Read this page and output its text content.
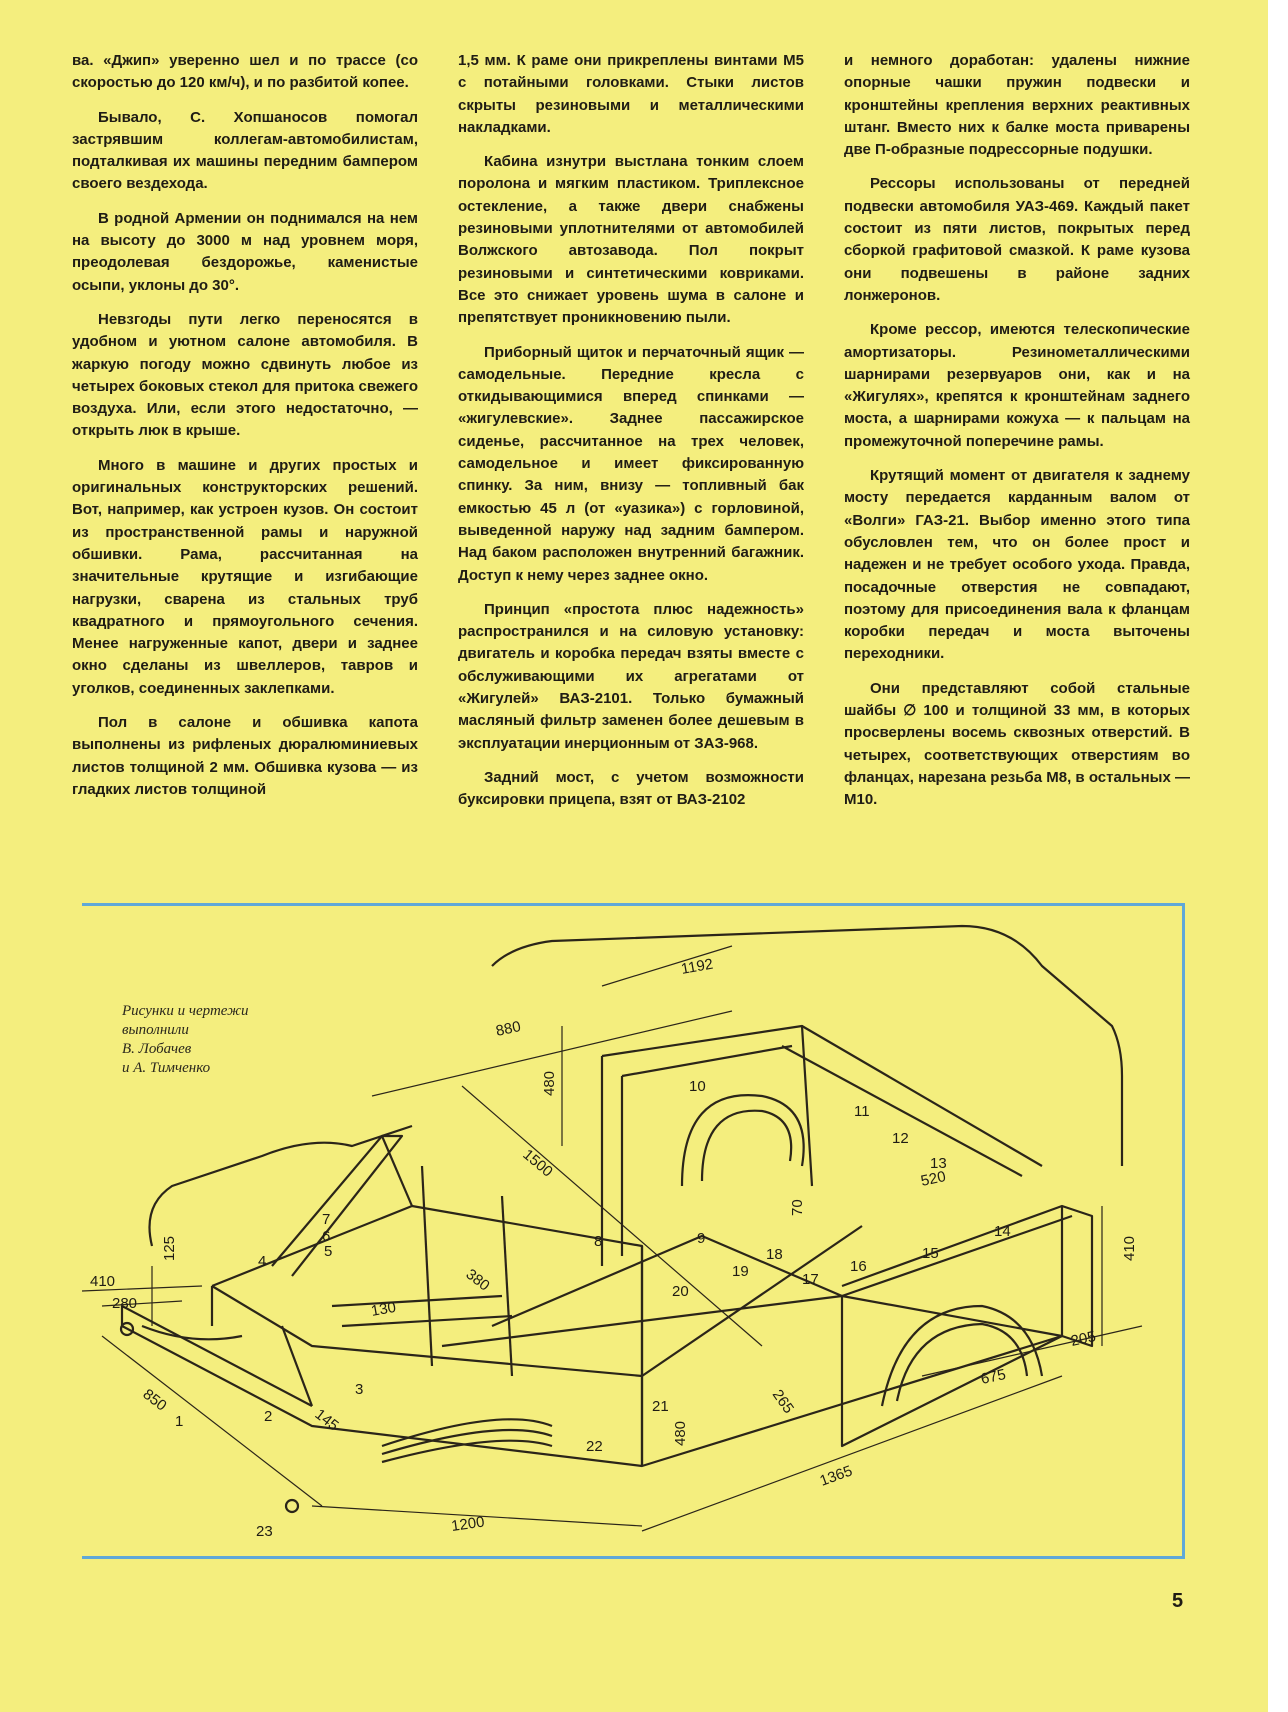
ва. «Джип» уверенно шел и по трассе (со скоростью до 120 км/ч), и по разбитой копее.

Бывало, С. Хопшаносов помогал застрявшим коллегам-автомобилистам, подталкивая их машины передним бампером своего вездехода.

В родной Армении он поднимался на нем на высоту до 3000 м над уровнем моря, преодолевая бездорожье, каменистые осыпи, уклоны до 30°.

Невзгоды пути легко переносятся в удобном и уютном салоне автомобиля. В жаркую погоду можно сдвинуть любое из четырех боковых стекол для притока свежего воздуха. Или, если этого недостаточно, — открыть люк в крыше.

Много в машине и других простых и оригинальных конструкторских решений. Вот, например, как устроен кузов. Он состоит из пространственной рамы и наружной обшивки. Рама, рассчитанная на значительные крутящие и изгибающие нагрузки, сварена из стальных труб квадратного и прямоугольного сечения. Менее нагруженные капот, двери и заднее окно сделаны из швеллеров, тавров и уголков, соединенных заклепками.

Пол в салоне и обшивка капота выполнены из рифленых дюралюминиевых листов толщиной 2 мм. Обшивка кузова — из гладких листов толщиной

1,5 мм. К раме они прикреплены винтами М5 с потайными головками. Стыки листов скрыты резиновыми и металлическими накладками.

Кабина изнутри выстлана тонким слоем поролона и мягким пластиком. Триплексное остекление, а также двери снабжены резиновыми уплотнителями от автомобилей Волжского автозавода. Пол покрыт резиновыми и синтетическими ковриками. Все это снижает уровень шума в салоне и препятствует проникновению пыли.

Приборный щиток и перчаточный ящик — самодельные. Передние кресла с откидывающимися вперед спинками — «жигулевские». Заднее пассажирское сиденье, рассчитанное на трех человек, самодельное и имеет фиксированную спинку. За ним, внизу — топливный бак емкостью 45 л (от «уазика») с горловиной, выведенной наружу над задним бампером. Над баком расположен внутренний багажник. Доступ к нему через заднее окно.

Принцип «простота плюс надежность» распространился и на силовую установку: двигатель и коробка передач взяты вместе с обслуживающими их агрегатами от «Жигулей» ВАЗ-2101. Только бумажный масляный фильтр заменен более дешевым в эксплуатации инерционным от ЗАЗ-968.

Задний мост, с учетом возможности буксировки прицепа, взят от ВАЗ-2102

и немного доработан: удалены нижние опорные чашки пружин подвески и кронштейны крепления верхних реактивных штанг. Вместо них к балке моста приварены две П-образные подрессорные подушки.

Рессоры использованы от передней подвески автомобиля УАЗ-469. Каждый пакет состоит из пяти листов, покрытых перед сборкой графитовой смазкой. К раме кузова они подвешены в районе задних лонжеронов.

Кроме рессор, имеются телескопические амортизаторы. Резинометаллическими шарнирами резервуаров они, как и на «Жигулях», крепятся к кронштейнам заднего моста, а шарнирами кожуха — к пальцам на промежуточной поперечине рамы.

Крутящий момент от двигателя к заднему мосту передается карданным валом от «Волги» ГАЗ-21. Выбор именно этого типа обусловлен тем, что он более прост и надежен и не требует особого ухода. Правда, посадочные отверстия не совпадают, поэтому для присоединения вала к фланцам коробки передач и моста выточены переходники.

Они представляют собой стальные шайбы ∅ 100 и толщиной 33 мм, в которых просверлены восемь сквозных отверстий. В четырех, соответствующих отверстиям во фланцах, нарезана резьба М8, в остальных — М10.

Рисунки и чертежи
выполнили
В. Лобачев
и А. Тимченко
1192
880
480
1500
70
520
410
125
410
280
380
130
850
145
1200
480
1365
265
675
205
1	2
3
4
5
6
7
8	9
10
11
12
13
14
15
16
17
18
19
20
21
22
23
5
